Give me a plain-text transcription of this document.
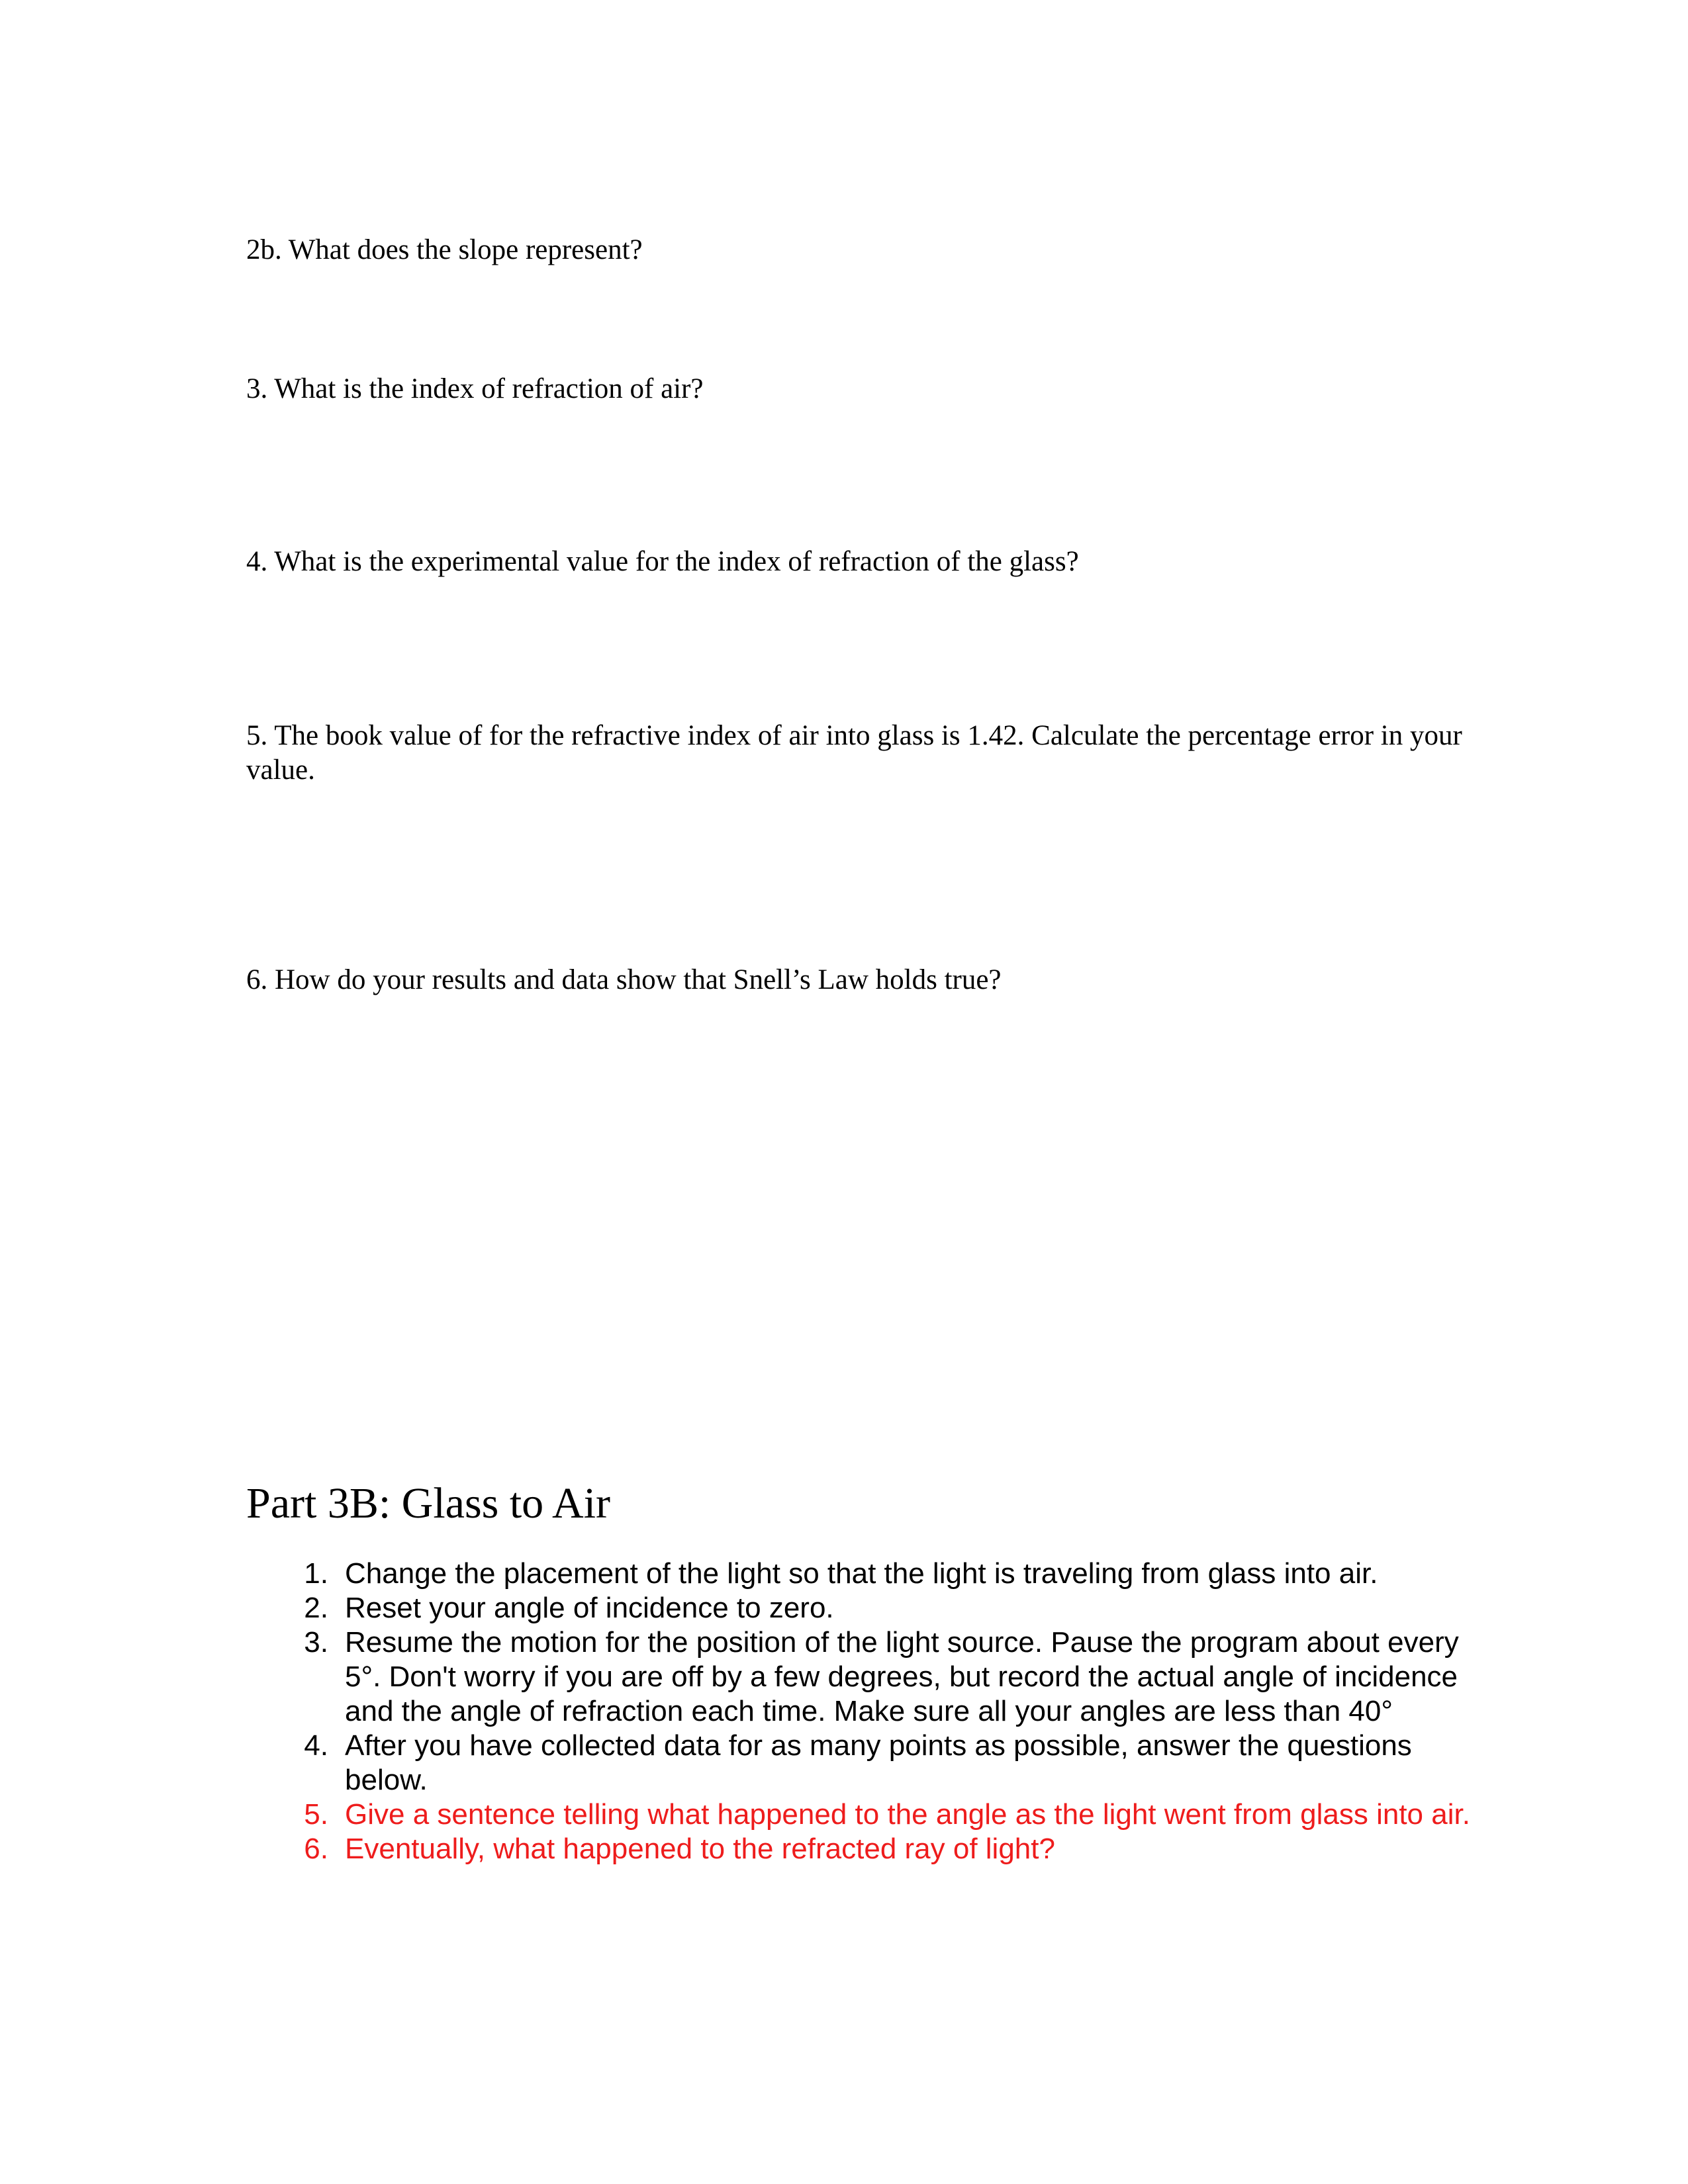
2b. What does the slope represent?

3. What is the index of refraction of air?

4. What is the experimental value for the index of refraction of the glass?

5. The book value of for the refractive index of air into glass is 1.42. Calculate the percentage error in your value.

6. How do your results and data show that Snell’s Law holds true?

Part 3B: Glass to Air
1. Change the placement of the light so that the light is traveling from glass into air.
2. Reset your angle of incidence to zero.
3. Resume the motion for the position of the light source. Pause the program about every 5°. Don't worry if you are off by a few degrees, but record the actual angle of incidence and the angle of refraction each time. Make sure all your angles are less than 40°
4. After you have collected data for as many points as possible, answer the questions below.
5. Give a sentence telling what happened to the angle as the light went from glass into air.
6. Eventually, what happened to the refracted ray of light?
